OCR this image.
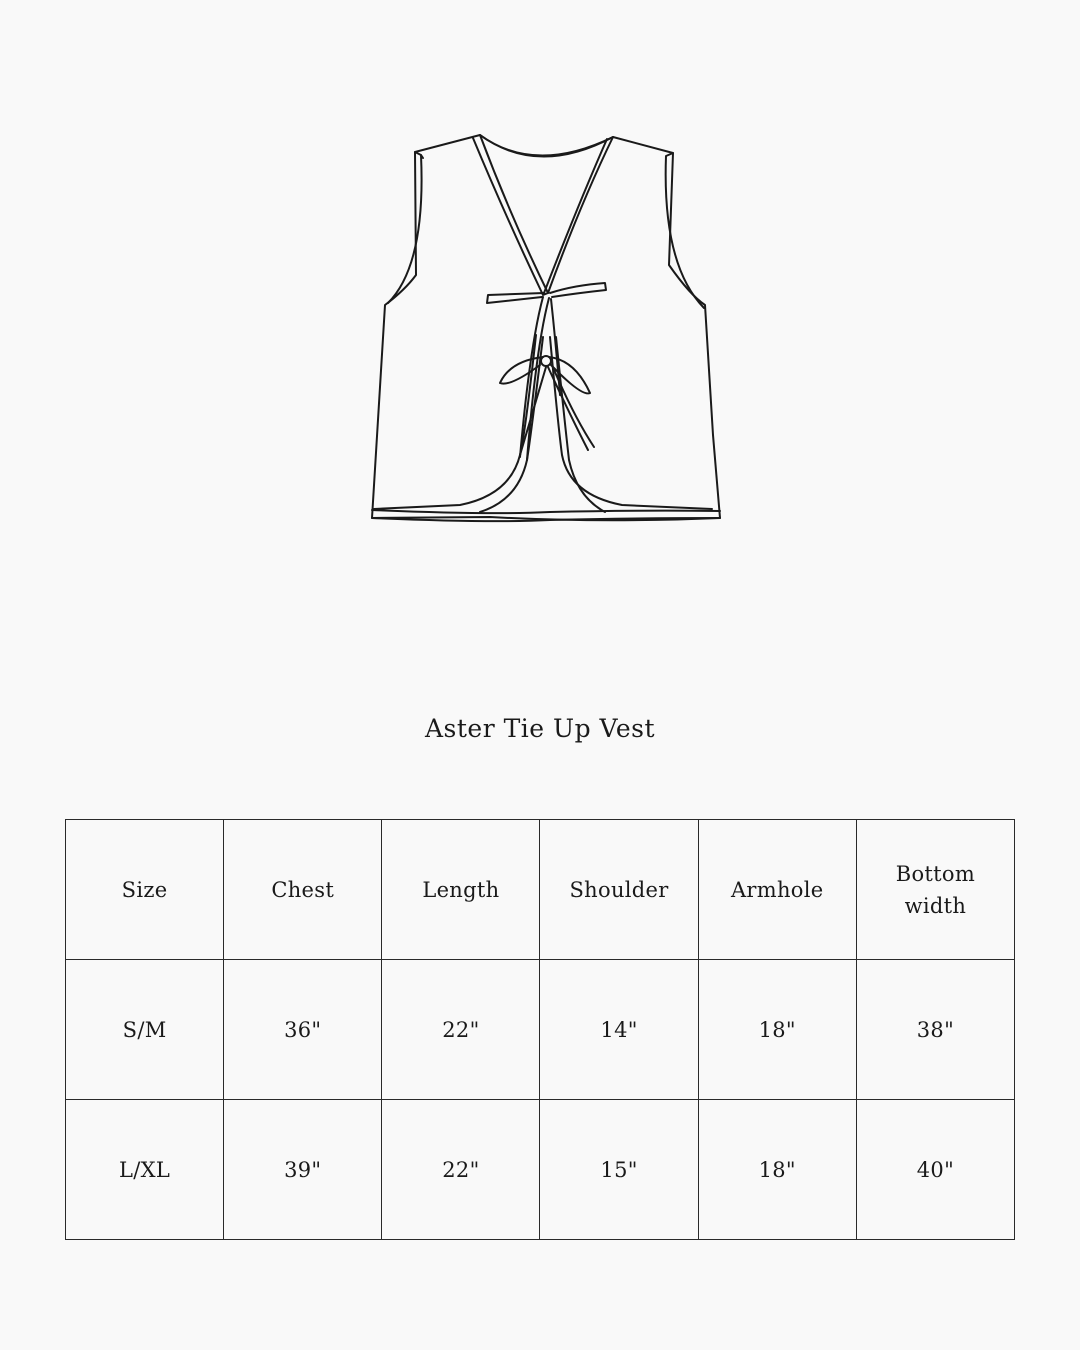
Aster Tie Up Vest
Size	Chest	Length	Shoulder	Armhole	Bottom width
S/M	36"	22"	14"	18"	38"
L/XL	39"	22"	15"	18"	40"
